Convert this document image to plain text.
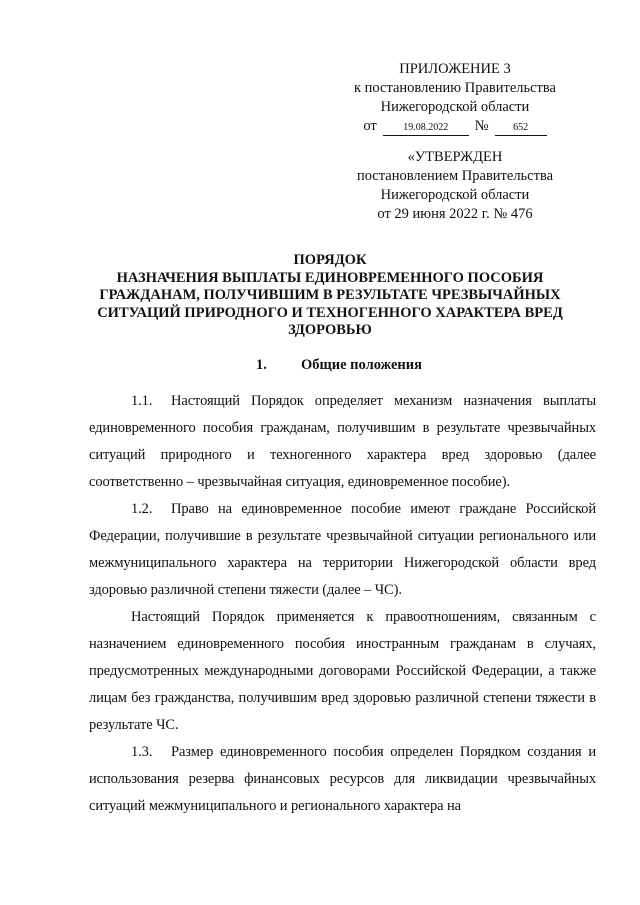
ПРИЛОЖЕНИЕ 3
к постановлению Правительства
Нижегородской области
от	19.08.2022	№	652
«УТВЕРЖДЕН
постановлением Правительства
Нижегородской области
от 29 июня 2022 г. № 476
ПОРЯДОК
НАЗНАЧЕНИЯ ВЫПЛАТЫ ЕДИНОВРЕМЕННОГО ПОСОБИЯ
ГРАЖДАНАМ, ПОЛУЧИВШИМ В РЕЗУЛЬТАТЕ ЧРЕЗВЫЧАЙНЫХ
СИТУАЦИЙ ПРИРОДНОГО И ТЕХНОГЕННОГО ХАРАКТЕРА ВРЕД
ЗДОРОВЬЮ
1. Общие положения

1.1. Настоящий Порядок определяет механизм назначения выплаты единовременного пособия гражданам, получившим в результате чрезвычайных ситуаций природного и техногенного характера вред здоровью (далее соответственно – чрезвычайная ситуация, единовременное пособие).

1.2. Право на единовременное пособие имеют граждане Российской Федерации, получившие в результате чрезвычайной ситуации регионального или межмуниципального характера на территории Нижегородской области вред здоровью различной степени тяжести (далее – ЧС).

Настоящий Порядок применяется к правоотношениям, связанным с назначением единовременного пособия иностранным гражданам в случаях, предусмотренных международными договорами Российской Федерации, а также лицам без гражданства, получившим вред здоровью различной степени тяжести в результате ЧС.

1.3. Размер единовременного пособия определен Порядком создания и использования резерва финансовых ресурсов для ликвидации чрезвычайных ситуаций межмуниципального и регионального характера на
